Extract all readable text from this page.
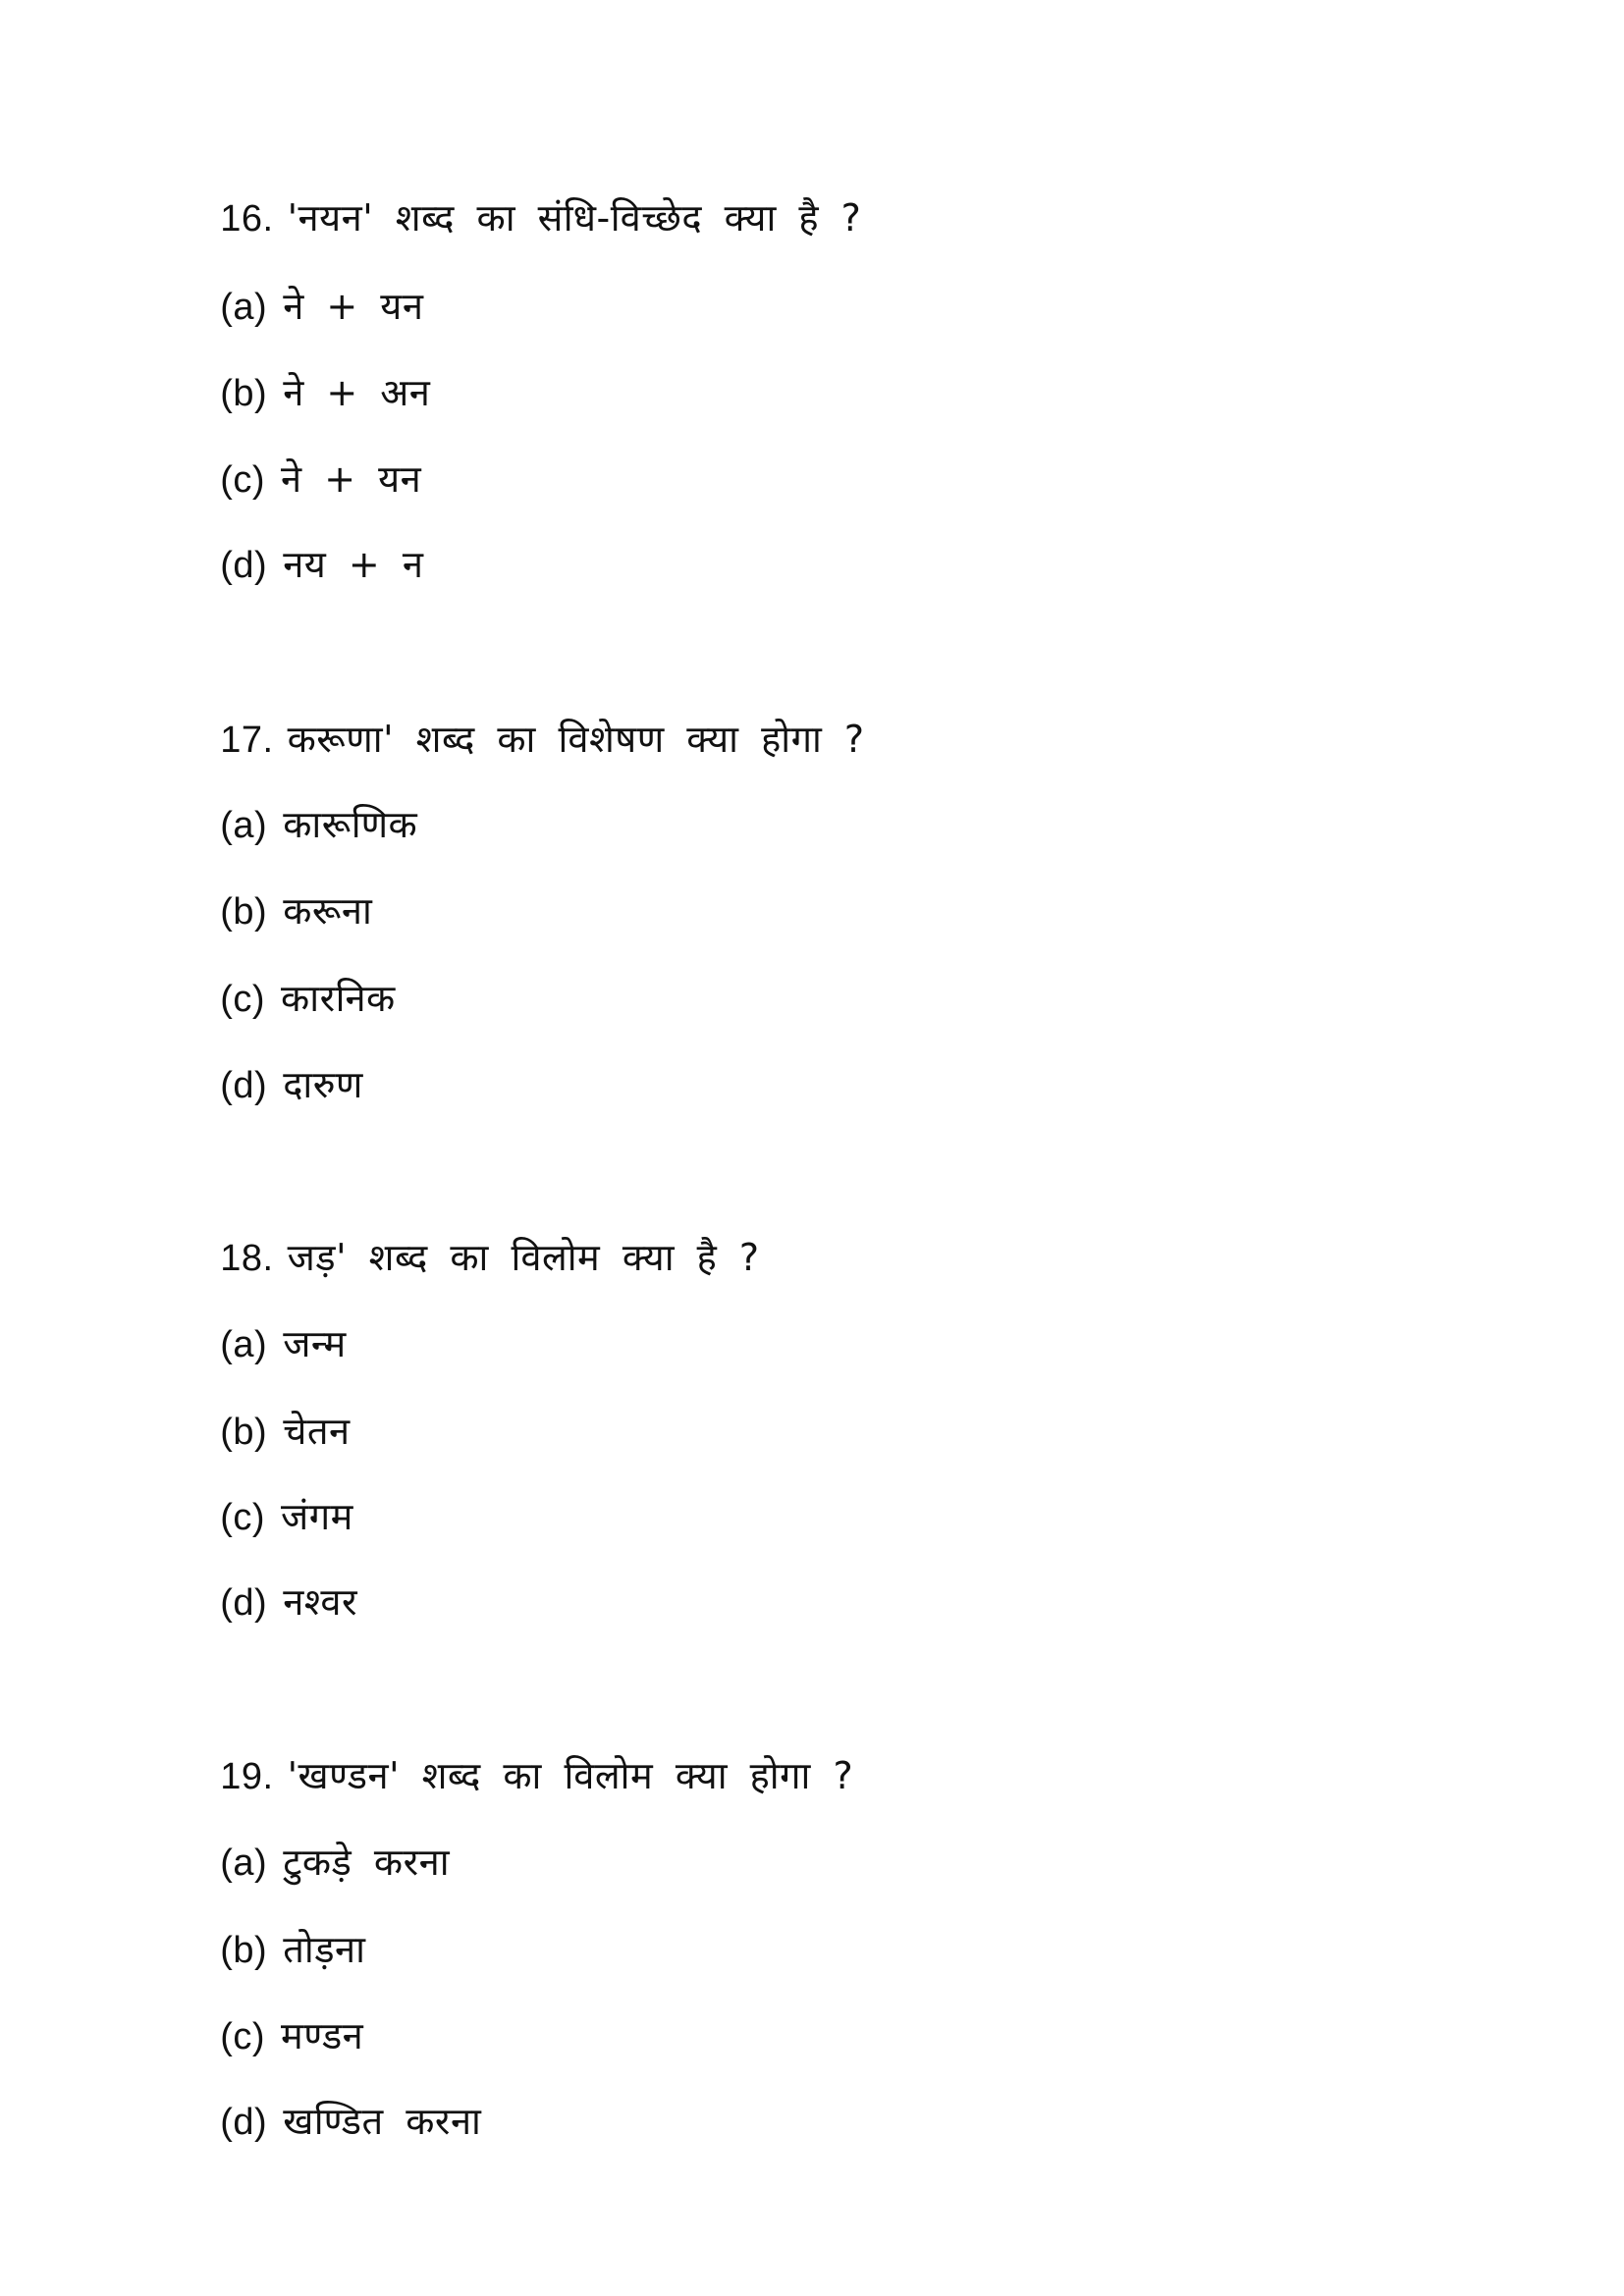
16. 'नयन' शब्द का संधि-विच्छेद क्या है ?

(a) ने + यन

(b) ने + अन

(c) ने + यन

(d) नय + न

17. करूणा' शब्द का विशेषण क्या होगा ?

(a) कारूणिक

(b) करूना

(c) कारनिक

(d) दारुण

18. जड़' शब्द का विलोम क्या है ?

(a) जन्म

(b) चेतन

(c) जंगम

(d) नश्वर

19. 'खण्डन' शब्द का विलोम क्या होगा ?

(a) टुकड़े करना

(b) तोड़ना

(c) मण्डन

(d) खण्डित करना
